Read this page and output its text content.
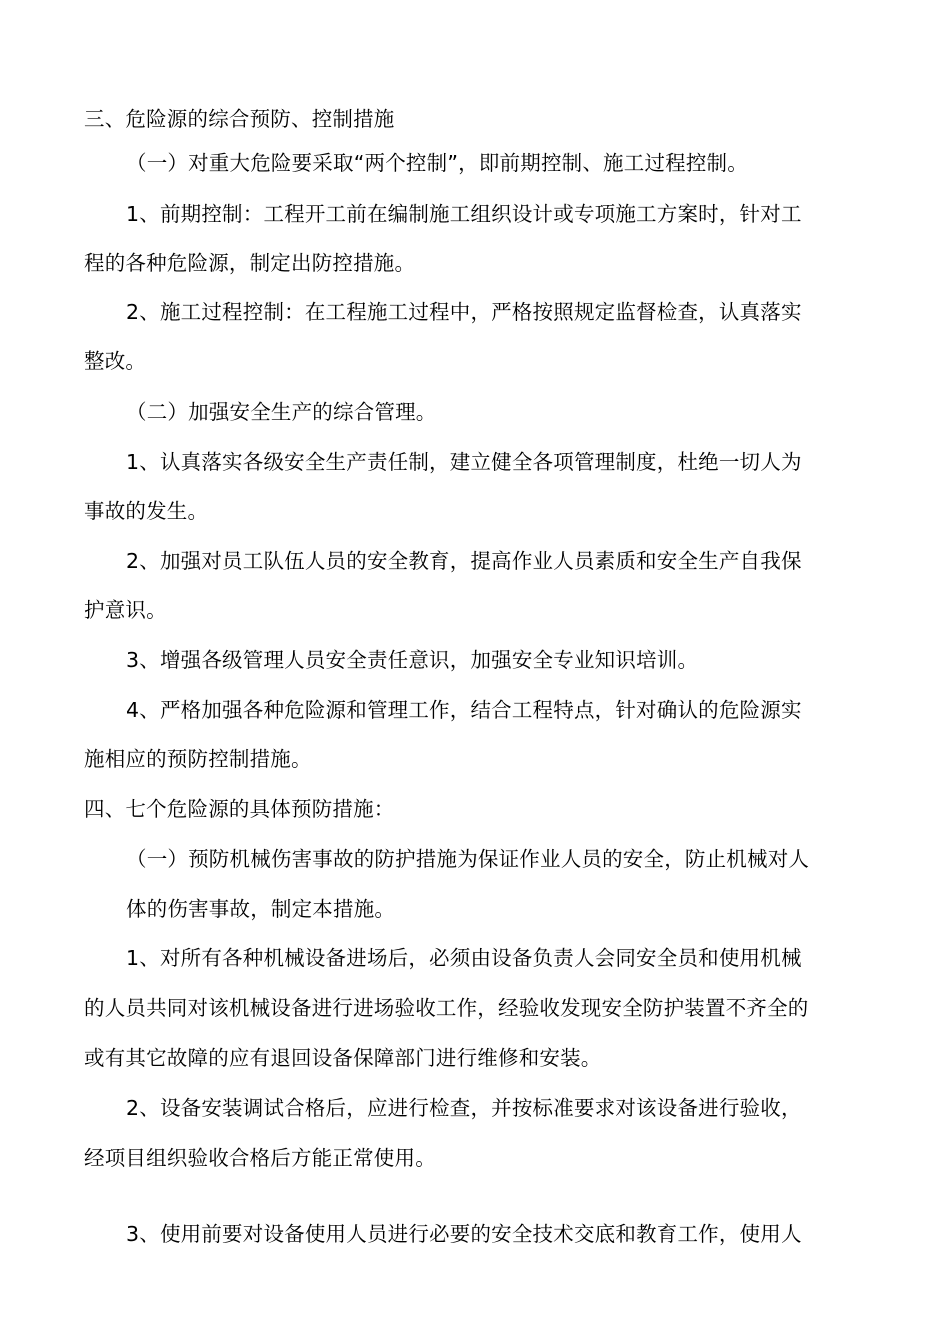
三、危险源的综合预防、控制措施
（一）对重大危险要采取“两个控制”，即前期控制、施工过程控制。
1、前期控制：工程开工前在编制施工组织设计或专项施工方案时，针对工
程的各种危险源，制定出防控措施。
2、施工过程控制：在工程施工过程中，严格按照规定监督检查，认真落实
整改。
（二）加强安全生产的综合管理。
1、认真落实各级安全生产责任制，建立健全各项管理制度，杜绝一切人为
事故的发生。
2、加强对员工队伍人员的安全教育，提高作业人员素质和安全生产自我保
护意识。
3、增强各级管理人员安全责任意识，加强安全专业知识培训。
4、严格加强各种危险源和管理工作，结合工程特点，针对确认的危险源实
施相应的预防控制措施。
四、七个危险源的具体预防措施：
（一）预防机械伤害事故的防护措施为保证作业人员的安全，防止机械对人
体的伤害事故，制定本措施。
1、对所有各种机械设备进场后，必须由设备负责人会同安全员和使用机械
的人员共同对该机械设备进行进场验收工作，经验收发现安全防护装置不齐全的
或有其它故障的应有退回设备保障部门进行维修和安装。
2、设备安装调试合格后，应进行检查，并按标准要求对该设备进行验收，
经项目组织验收合格后方能正常使用。
3、使用前要对设备使用人员进行必要的安全技术交底和教育工作，使用人
